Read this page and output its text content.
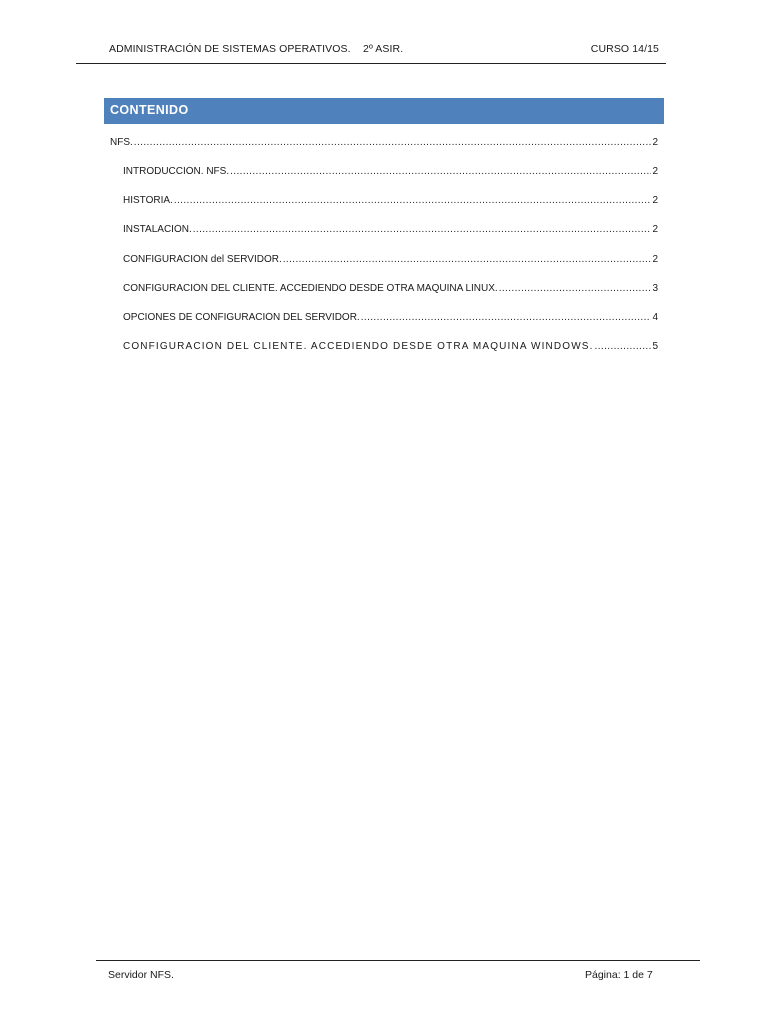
ADMINISTRACIÓN DE SISTEMAS OPERATIVOS. 2º ASIR.	CURSO 14/15
CONTENIDO
NFS. .....	2
INTRODUCCIÓN. NFS. .....	2
HISTORIA. .....	2
INSTALACIÓN. .....	2
CONFIGURACIÓN del SERVIDOR. .....	2
CONFIGURACIÓN DEL CLIENTE. ACCEDIENDO DESDE OTRA MAQUINA LINUX. .....	3
OPCIONES DE CONFIGURACIÓN DEL SERVIDOR. .....	4
CONFIGURACIÓN DEL CLIENTE. ACCEDIENDO DESDE OTRA MAQUINA WINDOWS. .....	5
Servidor NFS.	Página: 1 de 7
